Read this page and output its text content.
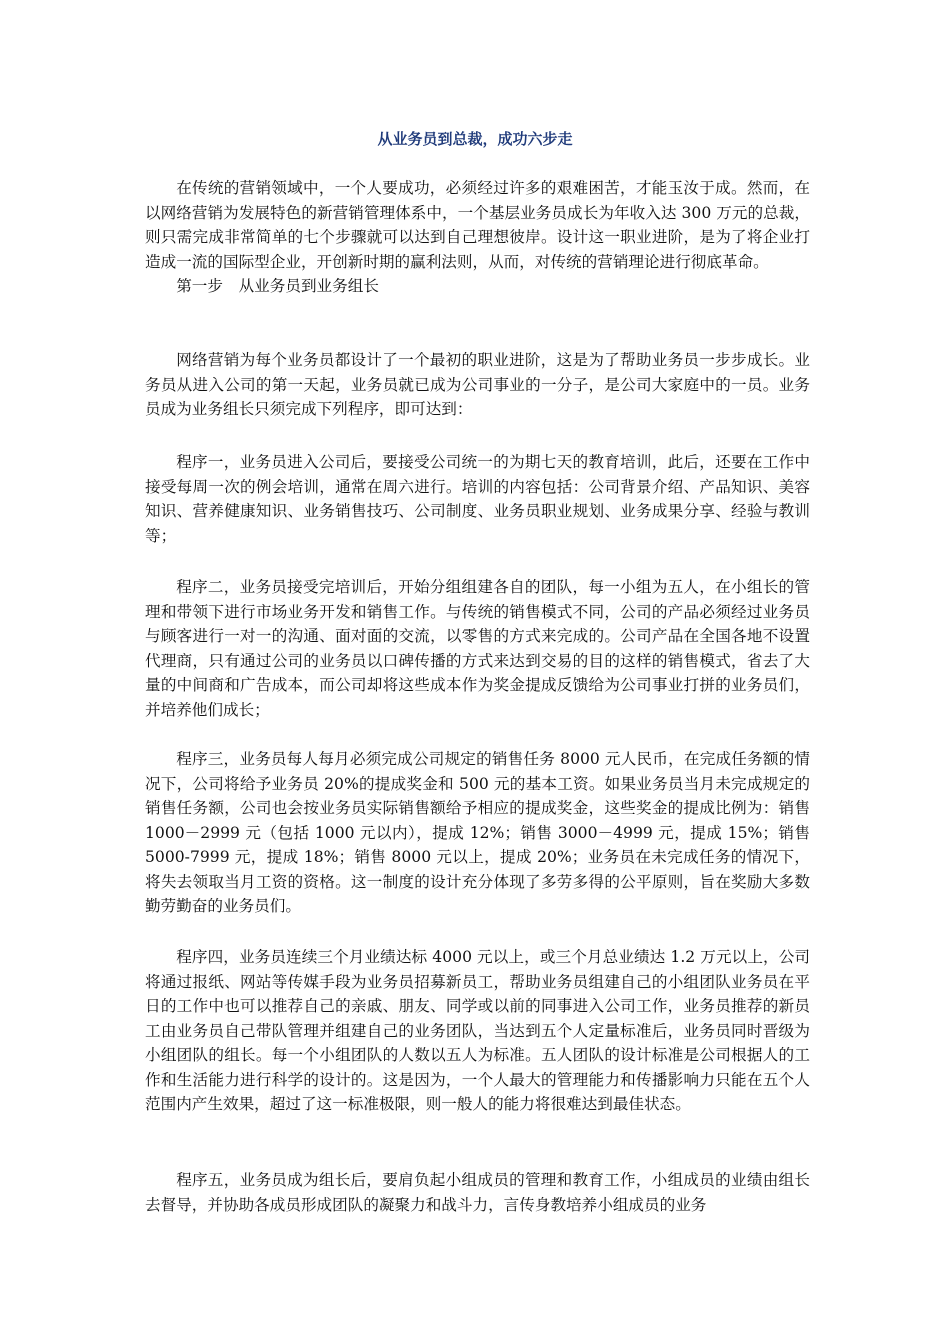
从业务员到总裁，成功六步走

在传统的营销领域中，一个人要成功，必须经过许多的艰难困苦，才能玉汝于成。然而，在以网络营销为发展特色的新营销管理体系中，一个基层业务员成长为年收入达 300 万元的总裁，则只需完成非常简单的七个步骤就可以达到自己理想彼岸。设计这一职业进阶，是为了将企业打造成一流的国际型企业，开创新时期的赢利法则，从而，对传统的营销理论进行彻底革命。

第一步　从业务员到业务组长

网络营销为每个业务员都设计了一个最初的职业进阶，这是为了帮助业务员一步步成长。业务员从进入公司的第一天起，业务员就已成为公司事业的一分子，是公司大家庭中的一员。业务员成为业务组长只须完成下列程序，即可达到：

程序一，业务员进入公司后，要接受公司统一的为期七天的教育培训，此后，还要在工作中接受每周一次的例会培训，通常在周六进行。培训的内容包括：公司背景介绍、产品知识、美容知识、营养健康知识、业务销售技巧、公司制度、业务员职业规划、业务成果分享、经验与教训等；

程序二，业务员接受完培训后，开始分组组建各自的团队，每一小组为五人，在小组长的管理和带领下进行市场业务开发和销售工作。与传统的销售模式不同，公司的产品必须经过业务员与顾客进行一对一的沟通、面对面的交流，以零售的方式来完成的。公司产品在全国各地不设置代理商，只有通过公司的业务员以口碑传播的方式来达到交易的目的这样的销售模式，省去了大量的中间商和广告成本，而公司却将这些成本作为奖金提成反馈给为公司事业打拼的业务员们，并培养他们成长；

程序三，业务员每人每月必须完成公司规定的销售任务 8000 元人民币，在完成任务额的情况下，公司将给予业务员 20%的提成奖金和 500 元的基本工资。如果业务员当月未完成规定的销售任务额，公司也会按业务员实际销售额给予相应的提成奖金，这些奖金的提成比例为：销售 1000－2999 元（包括 1000 元以内），提成 12%；销售 3000－4999 元，提成 15%；销售 5000-7999 元，提成 18%；销售 8000 元以上，提成 20%；业务员在未完成任务的情况下，将失去领取当月工资的资格。这一制度的设计充分体现了多劳多得的公平原则，旨在奖励大多数勤劳勤奋的业务员们。

程序四，业务员连续三个月业绩达标 4000 元以上，或三个月总业绩达 1.2 万元以上，公司将通过报纸、网站等传媒手段为业务员招募新员工，帮助业务员组建自己的小组团队业务员在平日的工作中也可以推荐自己的亲戚、朋友、同学或以前的同事进入公司工作，业务员推荐的新员工由业务员自己带队管理并组建自己的业务团队，当达到五个人定量标准后，业务员同时晋级为小组团队的组长。每一个小组团队的人数以五人为标准。五人团队的设计标准是公司根据人的工作和生活能力进行科学的设计的。这是因为，一个人最大的管理能力和传播影响力只能在五个人范围内产生效果，超过了这一标准极限，则一般人的能力将很难达到最佳状态。

程序五，业务员成为组长后，要肩负起小组成员的管理和教育工作，小组成员的业绩由组长去督导，并协助各成员形成团队的凝聚力和战斗力，言传身教培养小组成员的业务
